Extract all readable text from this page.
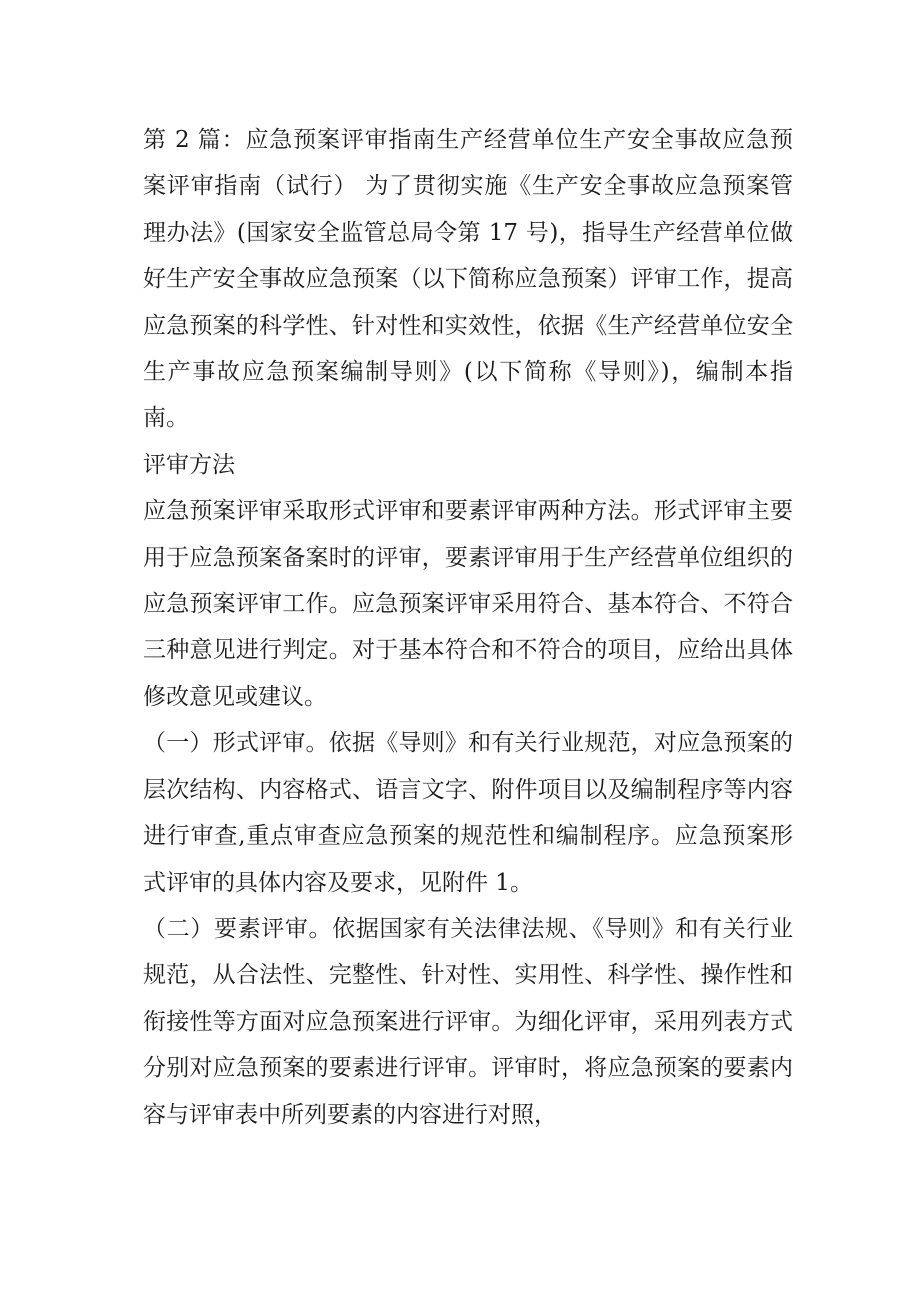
第 2 篇：应急预案评审指南生产经营单位生产安全事故应急预案评审指南（试行） 为了贯彻实施《生产安全事故应急预案管理办法》(国家安全监管总局令第 17 号)，指导生产经营单位做好生产安全事故应急预案（以下简称应急预案）评审工作，提高应急预案的科学性、针对性和实效性，依据《生产经营单位安全生产事故应急预案编制导则》(以下简称《导则》)，编制本指南。

评审方法

应急预案评审采取形式评审和要素评审两种方法。形式评审主要用于应急预案备案时的评审，要素评审用于生产经营单位组织的应急预案评审工作。应急预案评审采用符合、基本符合、不符合三种意见进行判定。对于基本符合和不符合的项目，应给出具体修改意见或建议。

（一）形式评审。依据《导则》和有关行业规范，对应急预案的层次结构、内容格式、语言文字、附件项目以及编制程序等内容进行审查,重点审查应急预案的规范性和编制程序。应急预案形式评审的具体内容及要求，见附件 1。

（二）要素评审。依据国家有关法律法规、《导则》和有关行业规范，从合法性、完整性、针对性、实用性、科学性、操作性和衔接性等方面对应急预案进行评审。为细化评审，采用列表方式分别对应急预案的要素进行评审。评审时，将应急预案的要素内容与评审表中所列要素的内容进行对照，
